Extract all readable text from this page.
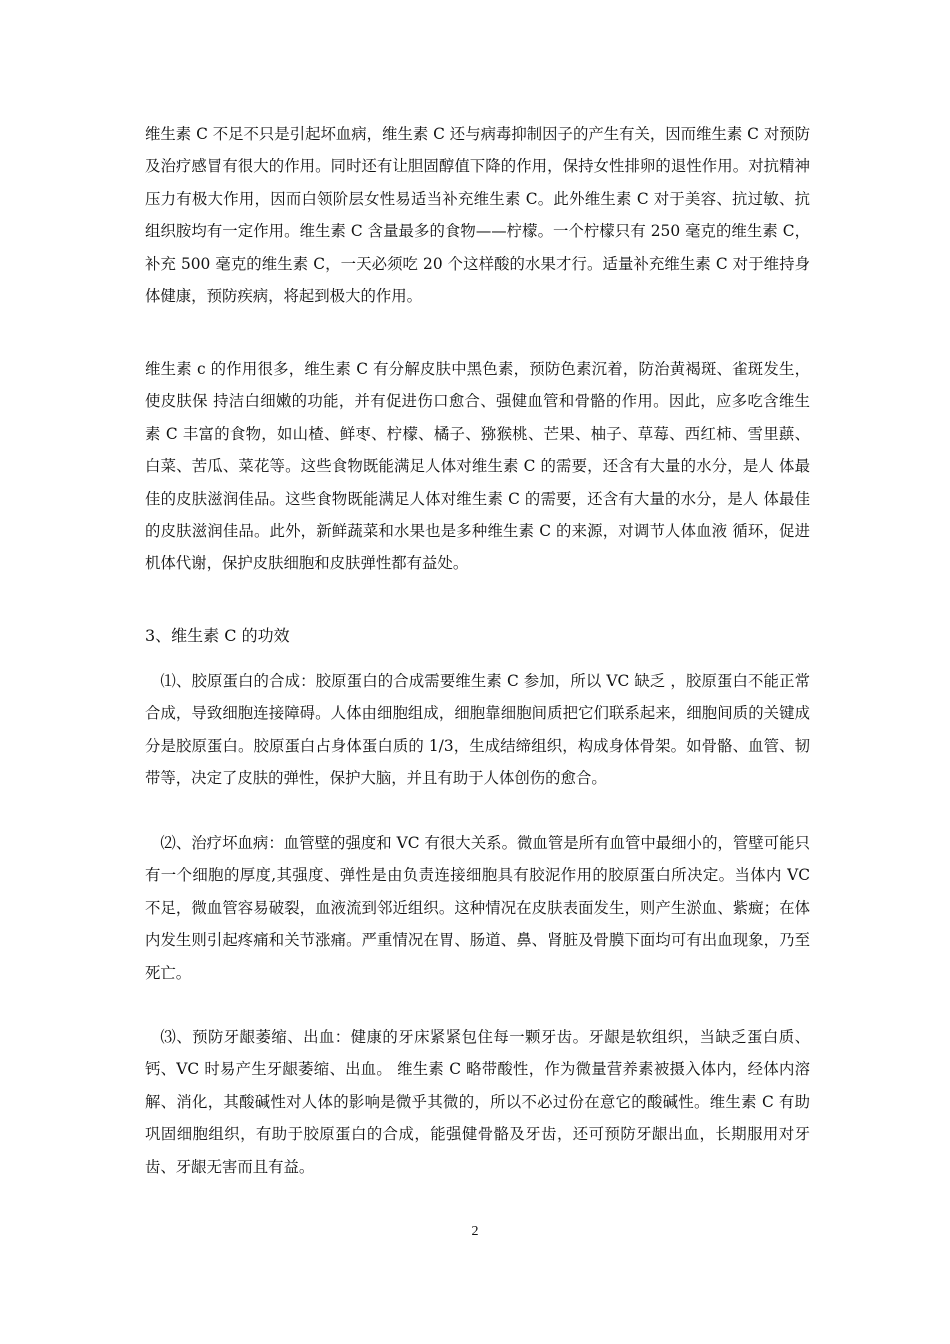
维生素 C 不足不只是引起坏血病，维生素 C 还与病毒抑制因子的产生有关，因而维生素 C 对预防及治疗感冒有很大的作用。同时还有让胆固醇值下降的作用，保持女性排卵的退性作用。对抗精神压力有极大作用，因而白领阶层女性易适当补充维生素 C。此外维生素 C 对于美容、抗过敏、抗组织胺均有一定作用。维生素 C 含量最多的食物——柠檬。一个柠檬只有 250 毫克的维生素 C，补充 500 毫克的维生素 C，一天必须吃 20 个这样酸的水果才行。适量补充维生素 C 对于维持身体健康，预防疾病，将起到极大的作用。

维生素 c 的作用很多，维生素 C 有分解皮肤中黑色素，预防色素沉着，防治黄褐斑、雀斑发生，使皮肤保 持洁白细嫩的功能，并有促进伤口愈合、强健血管和骨骼的作用。因此，应多吃含维生素 C 丰富的食物，如山楂、鲜枣、柠檬、橘子、猕猴桃、芒果、柚子、草莓、西红柿、雪里蕻、 白菜、苦瓜、菜花等。这些食物既能满足人体对维生素 C 的需要，还含有大量的水分，是人 体最佳的皮肤滋润佳品。这些食物既能满足人体对维生素 C 的需要，还含有大量的水分，是人 体最佳的皮肤滋润佳品。此外，新鲜蔬菜和水果也是多种维生素 C 的来源，对调节人体血液 循环，促进机体代谢，保护皮肤细胞和皮肤弹性都有益处。

3、维生素 C 的功效

⑴、胶原蛋白的合成：胶原蛋白的合成需要维生素 C 参加，所以 VC 缺乏 ，胶原蛋白不能正常合成，导致细胞连接障碍。人体由细胞组成，细胞靠细胞间质把它们联系起来，细胞间质的关键成分是胶原蛋白。胶原蛋白占身体蛋白质的 1/3，生成结缔组织，构成身体骨架。如骨骼、血管、韧带等，决定了皮肤的弹性，保护大脑，并且有助于人体创伤的愈合。

⑵、治疗坏血病：血管壁的强度和 VC 有很大关系。微血管是所有血管中最细小的，管壁可能只有一个细胞的厚度,其强度、弹性是由负责连接细胞具有胶泥作用的胶原蛋白所决定。当体内 VC 不足，微血管容易破裂，血液流到邻近组织。这种情况在皮肤表面发生，则产生淤血、紫癍；在体内发生则引起疼痛和关节涨痛。严重情况在胃、肠道、鼻、肾脏及骨膜下面均可有出血现象，乃至死亡。

⑶、预防牙龈萎缩、出血：健康的牙床紧紧包住每一颗牙齿。牙龈是软组织，当缺乏蛋白质、钙、VC 时易产生牙龈萎缩、出血。 维生素 C 略带酸性，作为微量营养素被摄入体内，经体内溶解、消化，其酸碱性对人体的影响是微乎其微的，所以不必过份在意它的酸碱性。维生素 C 有助巩固细胞组织，有助于胶原蛋白的合成，能强健骨骼及牙齿，还可预防牙龈出血，长期服用对牙齿、牙龈无害而且有益。

2
